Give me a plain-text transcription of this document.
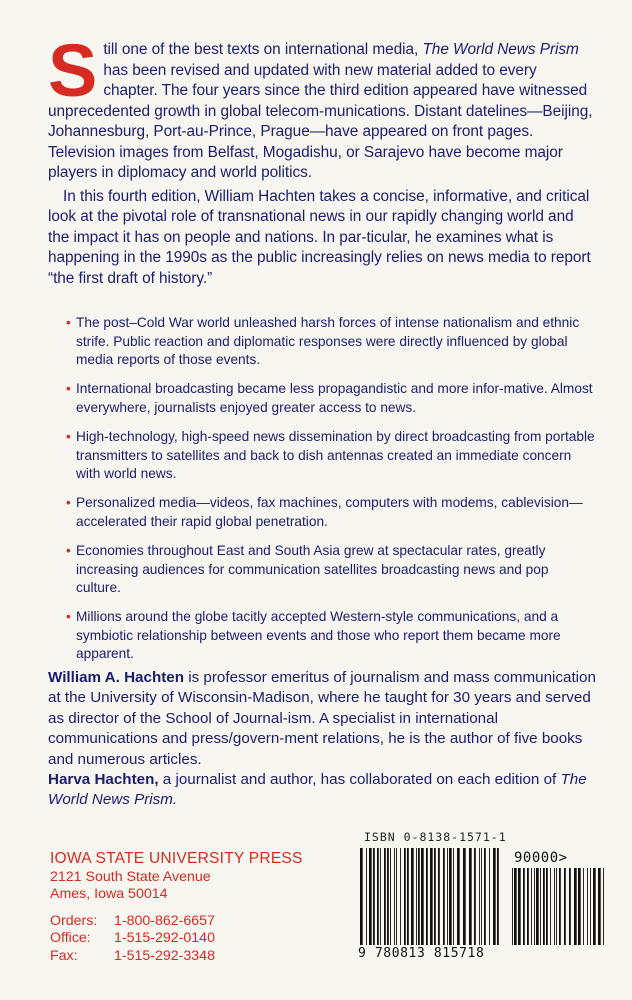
S till one of the best texts on international media, The World News Prism has been revised and updated with new material added to every chapter. The four years since the third edition appeared have witnessed unprecedented growth in global telecom-munications. Distant datelines—Beijing, Johannesburg, Port-au-Prince, Prague—have appeared on front pages. Television images from Belfast, Mogadishu, or Sarajevo have become major players in diplomacy and world politics.

In this fourth edition, William Hachten takes a concise, informative, and critical look at the pivotal role of transnational news in our rapidly changing world and the impact it has on people and nations. In par-ticular, he examines what is happening in the 1990s as the public increasingly relies on news media to report “the first draft of history.”

• The post–Cold War world unleashed harsh forces of intense nationalism and ethnic strife. Public reaction and diplomatic responses were directly influenced by global media reports of those events.
• International broadcasting became less propagandistic and more infor-mative. Almost everywhere, journalists enjoyed greater access to news.
• High-technology, high-speed news dissemination by direct broadcasting from portable transmitters to satellites and back to dish antennas created an immediate concern with world news.
• Personalized media—videos, fax machines, computers with modems, cablevision— accelerated their rapid global penetration.
• Economies throughout East and South Asia grew at spectacular rates, greatly increasing audiences for communication satellites broadcasting news and pop culture.
• Millions around the globe tacitly accepted Western-style communications, and a symbiotic relationship between events and those who report them became more apparent.

William A. Hachten is professor emeritus of journalism and mass communication at the University of Wisconsin-Madison, where he taught for 30 years and served as director of the School of Journal-ism. A specialist in international communications and press/govern-ment relations, he is the author of five books and numerous articles.
Harva Hachten, a journalist and author, has collaborated on each edition of The World News Prism.

IOWA STATE UNIVERSITY PRESS
2121 South State Avenue
Ames, Iowa 50014
Orders:	1-800-862-6657
Office:	1-515-292-0140
Fax:	1-515-292-3348
ISBN 0-8138-1571-1
90000>
9 780813 815718
